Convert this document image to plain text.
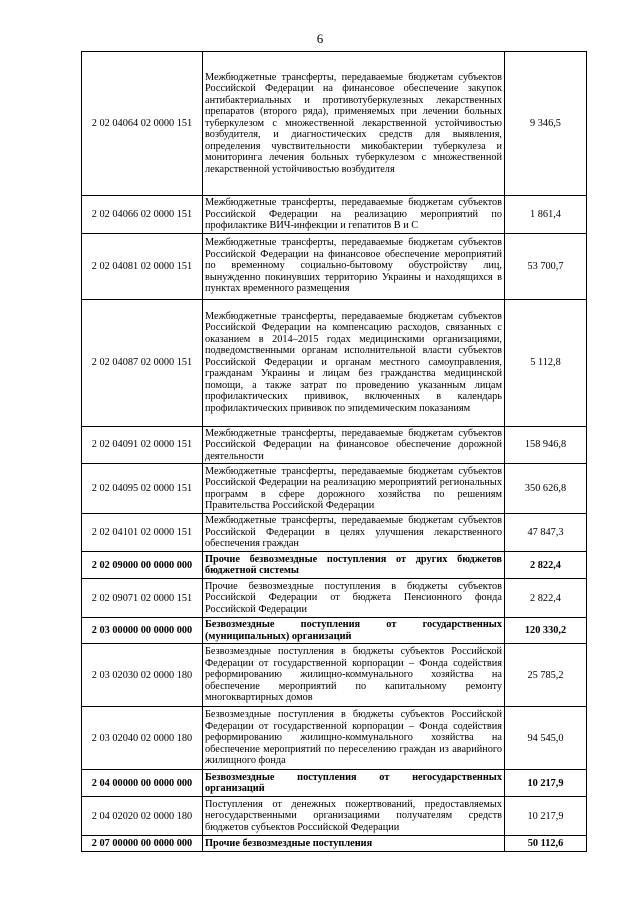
6
2 02 04064 02 0000 151	Межбюджетные трансферты, передаваемые бюджетам субъектов Российской Федерации на финансовое обеспечение закупок антибактериальных и противотуберкулезных лекарственных препаратов (второго ряда), применяемых при лечении больных туберкулезом с множественной лекарственной устойчивостью возбудителя, и диагностических средств для выявления, определения чувствительности микобактерии туберкулеза и мониторинга лечения больных туберкулезом с множественной лекарственной устойчивостью возбудителя	9 346,5
2 02 04066 02 0000 151	Межбюджетные трансферты, передаваемые бюджетам субъектов Российской Федерации на реализацию мероприятий по профилактике ВИЧ-инфекции и гепатитов В и С	1 861,4
2 02 04081 02 0000 151	Межбюджетные трансферты, передаваемые бюджетам субъектов Российской Федерации на финансовое обеспечение мероприятий по временному социально-бытовому обустройству лиц, вынужденно покинувших территорию Украины и находящихся в пунктах временного размещения	53 700,7
2 02 04087 02 0000 151	Межбюджетные трансферты, передаваемые бюджетам субъектов Российской Федерации на компенсацию расходов, связанных с оказанием в 2014–2015 годах медицинскими организациями, подведомственными органам исполнительной власти субъектов Российской Федерации и органам местного самоуправления, гражданам Украины и лицам без гражданства медицинской помощи, а также затрат по проведению указанным лицам профилактических прививок, включенных в календарь профилактических прививок по эпидемическим показаниям	5 112,8
2 02 04091 02 0000 151	Межбюджетные трансферты, передаваемые бюджетам субъектов Российской Федерации на финансовое обеспечение дорожной деятельности	158 946,8
2 02 04095 02 0000 151	Межбюджетные трансферты, передаваемые бюджетам субъектов Российской Федерации на реализацию мероприятий региональных программ в сфере дорожного хозяйства по решениям Правительства Российской Федерации	350 626,8
2 02 04101 02 0000 151	Межбюджетные трансферты, передаваемые бюджетам субъектов Российской Федерации в целях улучшения лекарственного обеспечения граждан	47 847,3
2 02 09000 00 0000 000	Прочие безвозмездные поступления от других бюджетов бюджетной системы	2 822,4
2 02 09071 02 0000 151	Прочие безвозмездные поступления в бюджеты субъектов Российской Федерации от бюджета Пенсионного фонда Российской Федерации	2 822,4
2 03 00000 00 0000 000	Безвозмездные поступления от государственных (муниципальных) организаций	120 330,2
2 03 02030 02 0000 180	Безвозмездные поступления в бюджеты субъектов Российской Федерации от государственной корпорации – Фонда содействия реформированию жилищно-коммунального хозяйства на обеспечение мероприятий по капитальному ремонту многоквартирных домов	25 785,2
2 03 02040 02 0000 180	Безвозмездные поступления в бюджеты субъектов Российской Федерации от государственной корпорации – Фонда содействия реформированию жилищно-коммунального хозяйства на обеспечение мероприятий по переселению граждан из аварийного жилищного фонда	94 545,0
2 04 00000 00 0000 000	Безвозмездные поступления от негосударственных организаций	10 217,9
2 04 02020 02 0000 180	Поступления от денежных пожертвований, предоставляемых негосударственными организациями получателям средств бюджетов субъектов Российской Федерации	10 217,9
2 07 00000 00 0000 000	Прочие безвозмездные поступления	50 112,6
